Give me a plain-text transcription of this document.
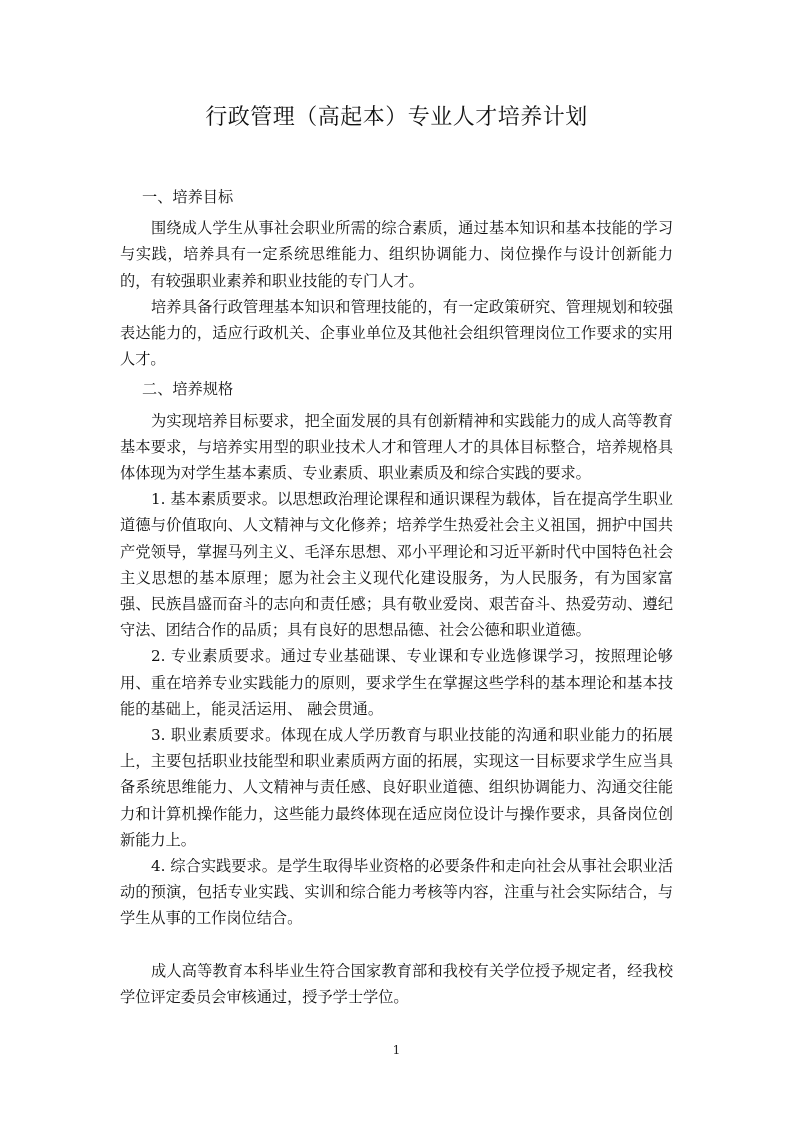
行政管理（高起本）专业人才培养计划

一、培养目标

围绕成人学生从事社会职业所需的综合素质，通过基本知识和基本技能的学习与实践，培养具有一定系统思维能力、组织协调能力、岗位操作与设计创新能力的，有较强职业素养和职业技能的专门人才。

培养具备行政管理基本知识和管理技能的，有一定政策研究、管理规划和较强表达能力的，适应行政机关、企事业单位及其他社会组织管理岗位工作要求的实用人才。

二、培养规格

为实现培养目标要求，把全面发展的具有创新精神和实践能力的成人高等教育基本要求，与培养实用型的职业技术人才和管理人才的具体目标整合，培养规格具体体现为对学生基本素质、专业素质、职业素质及和综合实践的要求。

1. 基本素质要求。以思想政治理论课程和通识课程为载体，旨在提高学生职业道德与价值取向、人文精神与文化修养；培养学生热爱社会主义祖国，拥护中国共产党领导，掌握马列主义、毛泽东思想、邓小平理论和习近平新时代中国特色社会主义思想的基本原理；愿为社会主义现代化建设服务，为人民服务，有为国家富强、民族昌盛而奋斗的志向和责任感；具有敬业爱岗、艰苦奋斗、热爱劳动、遵纪守法、团结合作的品质；具有良好的思想品德、社会公德和职业道德。

2. 专业素质要求。通过专业基础课、专业课和专业选修课学习，按照理论够用、重在培养专业实践能力的原则，要求学生在掌握这些学科的基本理论和基本技能的基础上，能灵活运用、 融会贯通。

3. 职业素质要求。体现在成人学历教育与职业技能的沟通和职业能力的拓展上，主要包括职业技能型和职业素质两方面的拓展，实现这一目标要求学生应当具备系统思维能力、人文精神与责任感、良好职业道德、组织协调能力、沟通交往能力和计算机操作能力，这些能力最终体现在适应岗位设计与操作要求，具备岗位创新能力上。

4. 综合实践要求。是学生取得毕业资格的必要条件和走向社会从事社会职业活动的预演，包括专业实践、实训和综合能力考核等内容，注重与社会实际结合，与学生从事的工作岗位结合。

成人高等教育本科毕业生符合国家教育部和我校有关学位授予规定者，经我校学位评定委员会审核通过，授予学士学位。

1
